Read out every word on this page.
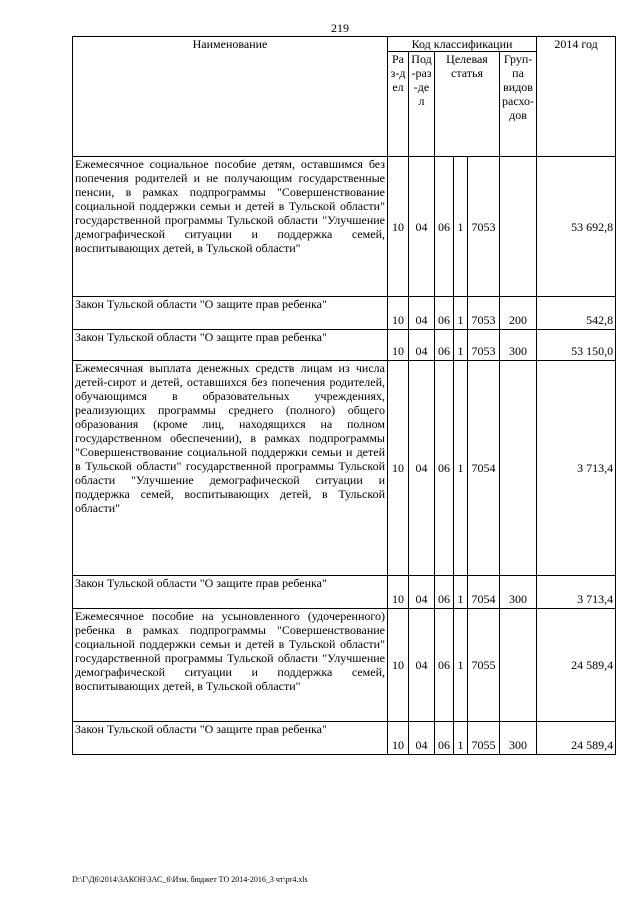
219
Наименование	Код классификации						2014 год
	Раз-дел	Под-раз-дел	Целевая статья			Груп-па видов расхо-дов	
Ежемесячное социальное пособие детям, оставшимся без попечения родителей и не получающим государственные пенсии, в рамках подпрограммы "Совершенствование социальной поддержки семьи и детей в Тульской области" государственной программы Тульской области "Улучшение демографической ситуации и поддержка семей, воспитывающих детей, в Тульской области"	10	04	06	1	7053		53 692,8
Закон Тульской области "О защите прав ребенка"	10	04	06	1	7053	200	542,8
Закон Тульской области "О защите прав ребенка"	10	04	06	1	7053	300	53 150,0
Ежемесячная выплата денежных средств лицам из числа детей-сирот и детей, оставшихся без попечения родителей, обучающимся в образовательных учреждениях, реализующих программы среднего (полного) общего образования (кроме лиц, находящихся на полном государственном обеспечении), в рамках подпрограммы "Совершенствование социальной поддержки семьи и детей в Тульской области" государственной программы Тульской области "Улучшение демографической ситуации и поддержка семей, воспитывающих детей, в Тульской области"	10	04	06	1	7054		3 713,4
Закон Тульской области "О защите прав ребенка"	10	04	06	1	7054	300	3 713,4
Ежемесячное пособие на усыновленного (удочеренного) ребенка в рамках подпрограммы "Совершенствование социальной поддержки семьи и детей в Тульской области" государственной программы Тульской области "Улучшение демографической ситуации и поддержка семей, воспитывающих детей, в Тульской области"	10	04	06	1	7055		24 589,4
Закон Тульской области "О защите прав ребенка"	10	04	06	1	7055	300	24 589,4
D:\Г\Д6\2014\ЗАКОН\ЗАС_6\Изм. бюджет ТО 2014-2016_3 чт\pr4.xls
